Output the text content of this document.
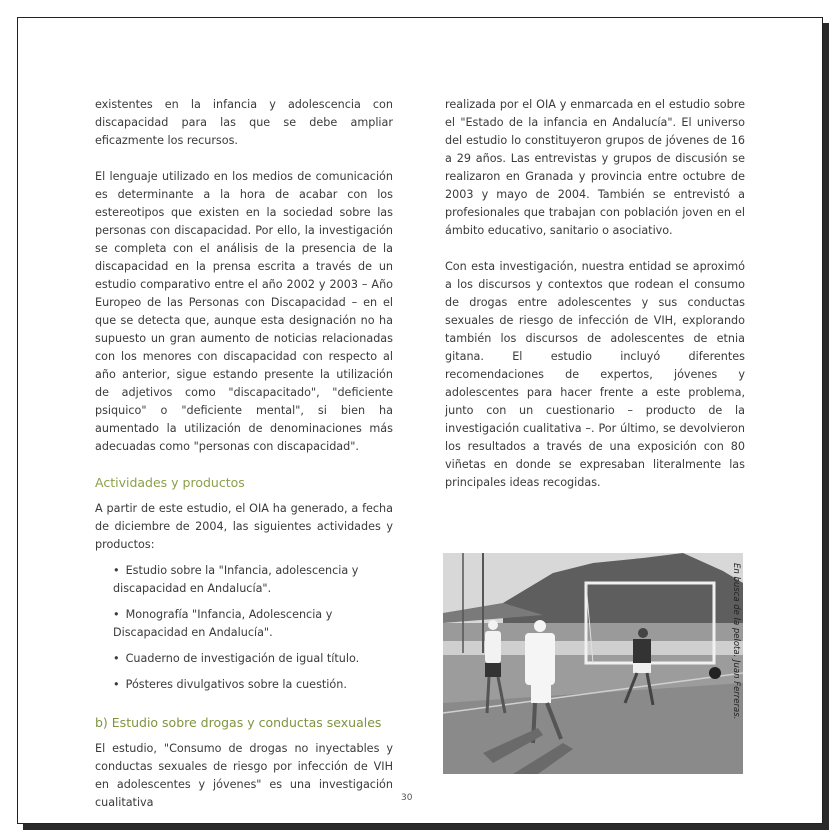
existentes en la infancia y adolescencia con discapacidad para las que se debe ampliar eficazmente los recursos.

El lenguaje utilizado en los medios de comunicación es determinante a la hora de acabar con los estereotipos que existen en la sociedad sobre las personas con discapacidad. Por ello, la investigación se completa con el análisis de la presencia de la discapacidad en la prensa escrita a través de un estudio comparativo entre el año 2002 y 2003 – Año Europeo de las Personas con Discapacidad – en el que se detecta que, aunque esta designación no ha supuesto un gran aumento de noticias relacionadas con los menores con discapacidad con respecto al año anterior, sigue estando presente la utilización de adjetivos como "discapacitado", "deficiente psiquico" o "deficiente mental", si bien ha aumentado la utilización de denominaciones más adecuadas como "personas con discapacidad".

Actividades y productos

A partir de este estudio, el OIA ha generado, a fecha de diciembre de 2004, las siguientes actividades y productos:

• Estudio sobre la "Infancia, adolescencia y discapacidad en Andalucía".
• Monografía "Infancia, Adolescencia y Discapacidad en Andalucía".
• Cuaderno de investigación de igual título.
• Pósteres divulgativos sobre la cuestión.
b) Estudio sobre drogas y conductas sexuales

El estudio, "Consumo de drogas no inyectables y conductas sexuales de riesgo por infección de VIH en adolescentes y jóvenes" es una investigación cualitativa

realizada por el OIA y enmarcada en el estudio sobre el "Estado de la infancia en Andalucía". El universo del estudio lo constituyeron grupos de jóvenes de 16 a 29 años. Las entrevistas y grupos de discusión se realizaron en Granada y provincia entre octubre de 2003 y mayo de 2004. También se entrevistó a profesionales que trabajan con población joven en el ámbito educativo, sanitario o asociativo.

Con esta investigación, nuestra entidad se aproximó a los discursos y contextos que rodean el consumo de drogas entre adolescentes y sus conductas sexuales de riesgo de infección de VIH, explorando también los discursos de adolescentes de etnia gitana. El estudio incluyó diferentes recomendaciones de expertos, jóvenes y adolescentes para hacer frente a este problema, junto con un cuestionario – producto de la investigación cualitativa –. Por último, se devolvieron los resultados a través de una exposición con 80 viñetas en donde se expresaban literalmente las principales ideas recogidas.

En busca de la pelota. Juan Ferreras.
30
